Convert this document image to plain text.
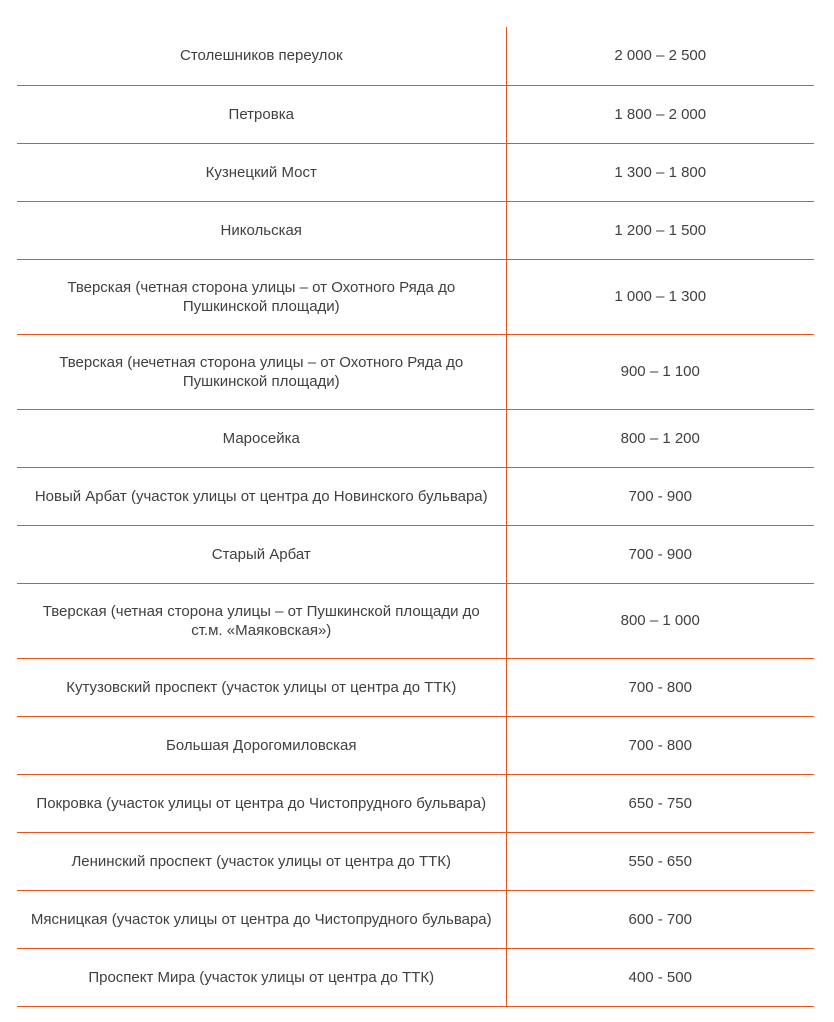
Столешников переулок	2 000 – 2 500
Петровка	1 800 – 2 000
Кузнецкий Мост	1 300 – 1 800
Никольская	1 200 – 1 500
Тверская (четная сторона улицы – от Охотного Ряда до Пушкинской площади)	1 000 – 1 300
Тверская (нечетная сторона улицы – от Охотного Ряда до Пушкинской площади)	900 – 1 100
Маросейка	800 – 1 200
Новый Арбат (участок улицы от центра до Новинского бульвара)	700 - 900
Старый Арбат	700 - 900
Тверская (четная сторона улицы – от Пушкинской площади до ст.м. «Маяковская»)	800 – 1 000
Кутузовский проспект (участок улицы от центра до ТТК)	700 - 800
Большая Дорогомиловская	700 - 800
Покровка (участок улицы от центра до Чистопрудного бульвара)	650 - 750
Ленинский проспект (участок улицы от центра до ТТК)	550 - 650
Мясницкая (участок улицы от центра до Чистопрудного бульвара)	600 - 700
Проспект Мира (участок улицы от центра до ТТК)	400 - 500
